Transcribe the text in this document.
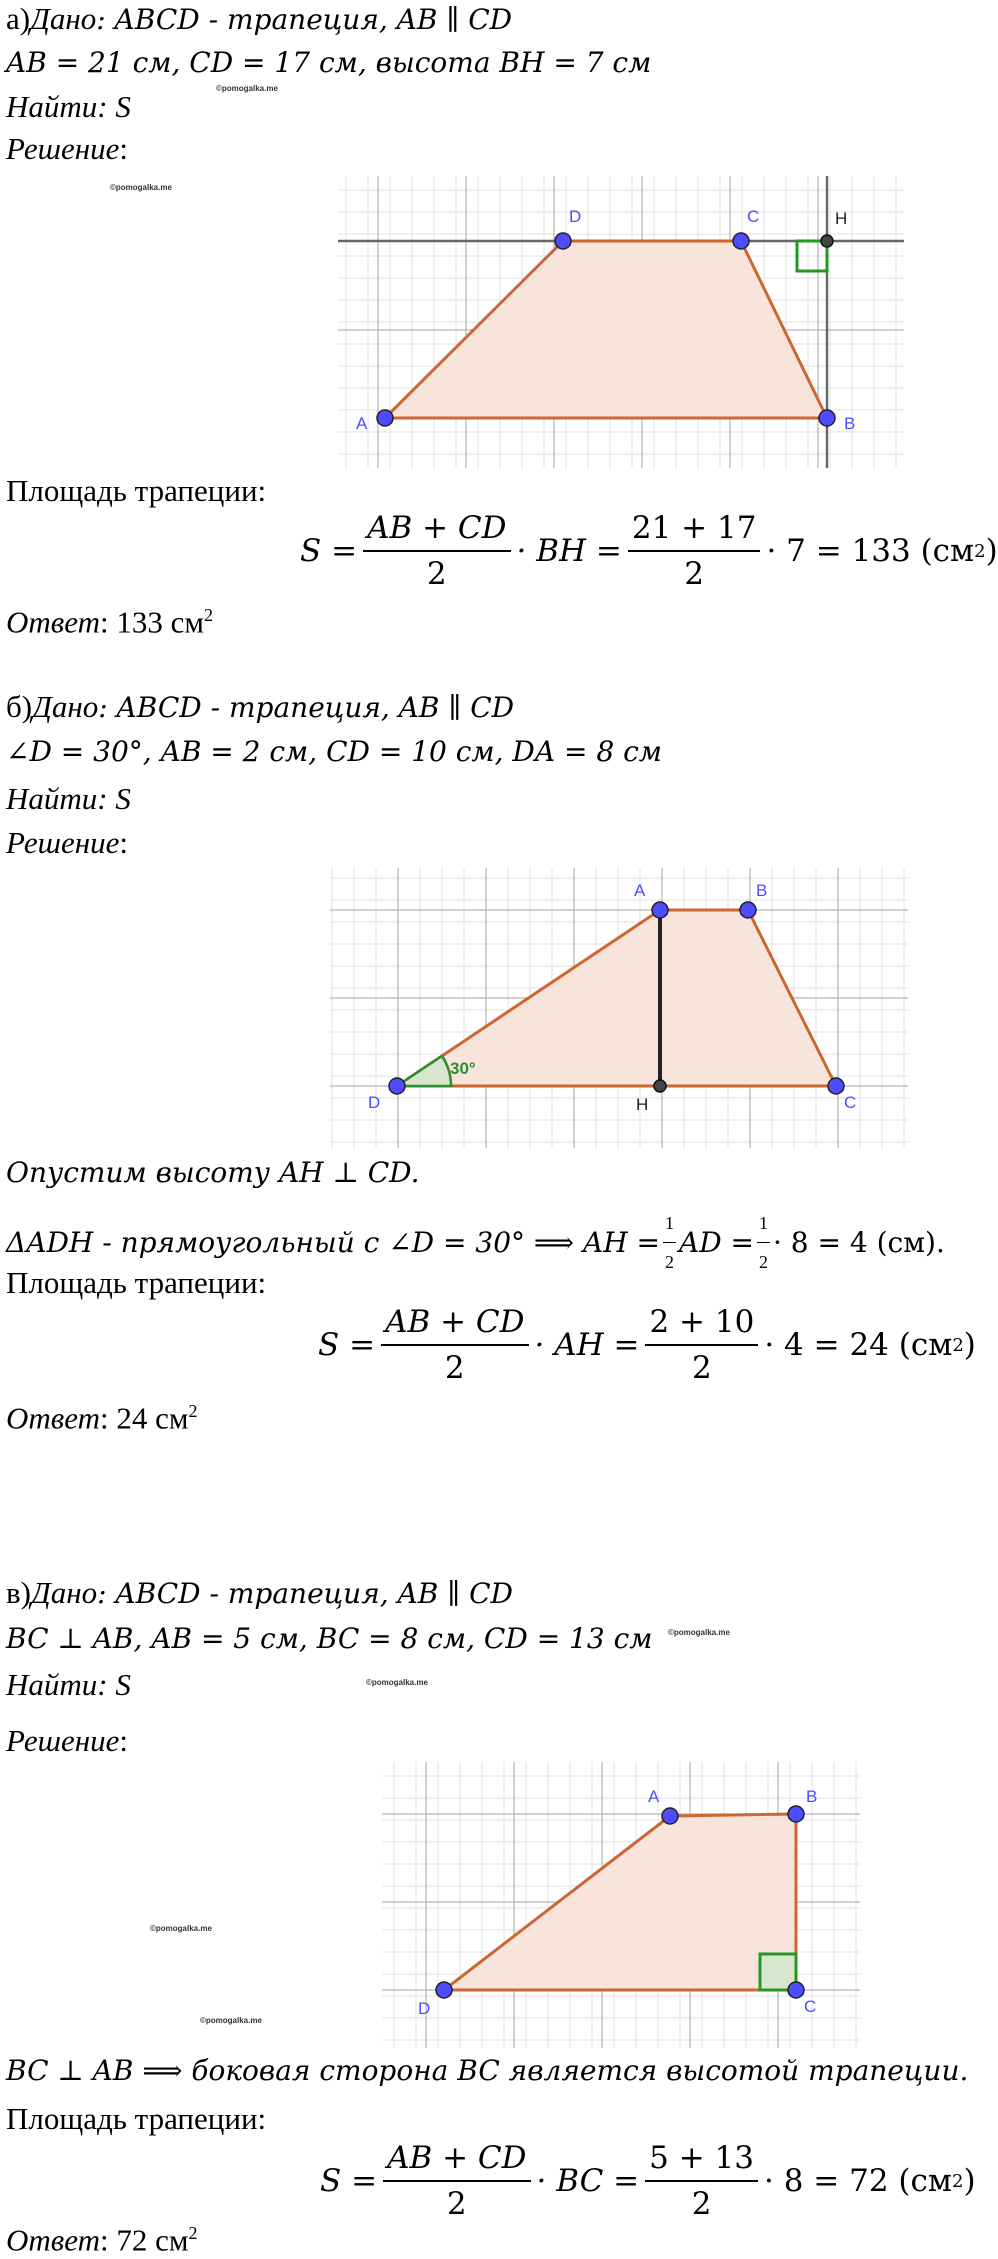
а)Дано: ABCD - трапеция, AB ∥ CD
AB = 21 см, CD = 17 см, высота BH = 7 см
Найти: S
Решение:
©pomogalka.me
©pomogalka.me
A	B
C
D	H
Площадь трапеции:
$S = \frac{AB + CD}{2}$ · BH = $\frac{21 + 17}{2} \cdot 7 = 133$ (см 2 )
Ответ: 133 $см^2$
б)Дано: ABCD - трапеция, AB ∥ CD
∠D = 30°, AB = 2 см, CD = 10 см, DA = 8 см
Найти: S
Решение:
A	B
C
D	H
30°
Опустим высоту AH ⊥ CD.
ΔADH - прямоугольный с ∠D = 30° ⟹ AH = $\frac{1}{2}$ AD = $\frac{1}{2} \cdot 8 = 4$ (см).
Площадь трапеции:
$S = \frac{AB + CD}{2}$ · AH = $\frac{2 + 10}{2} \cdot 4 = 24$ (см 2 )
Ответ: 24 $см^2$
в)Дано: ABCD - трапеция, AB ∥ CD
BC ⊥ AB, AB = 5 см, BC = 8 см, CD = 13 см ©pomogalka.me
Найти: S	©pomogalka.me
Решение:
©pomogalka.me
©pomogalka.me
A	B
C
D
BC ⊥ AB ⟹ боковая сторона BC является высотой трапеции.
Площадь трапеции:
$S = \frac{AB + CD}{2}$ · BC = $\frac{5 + 13}{2} \cdot 8 = 72$ (см 2 )
Ответ: 72 $см^2$
